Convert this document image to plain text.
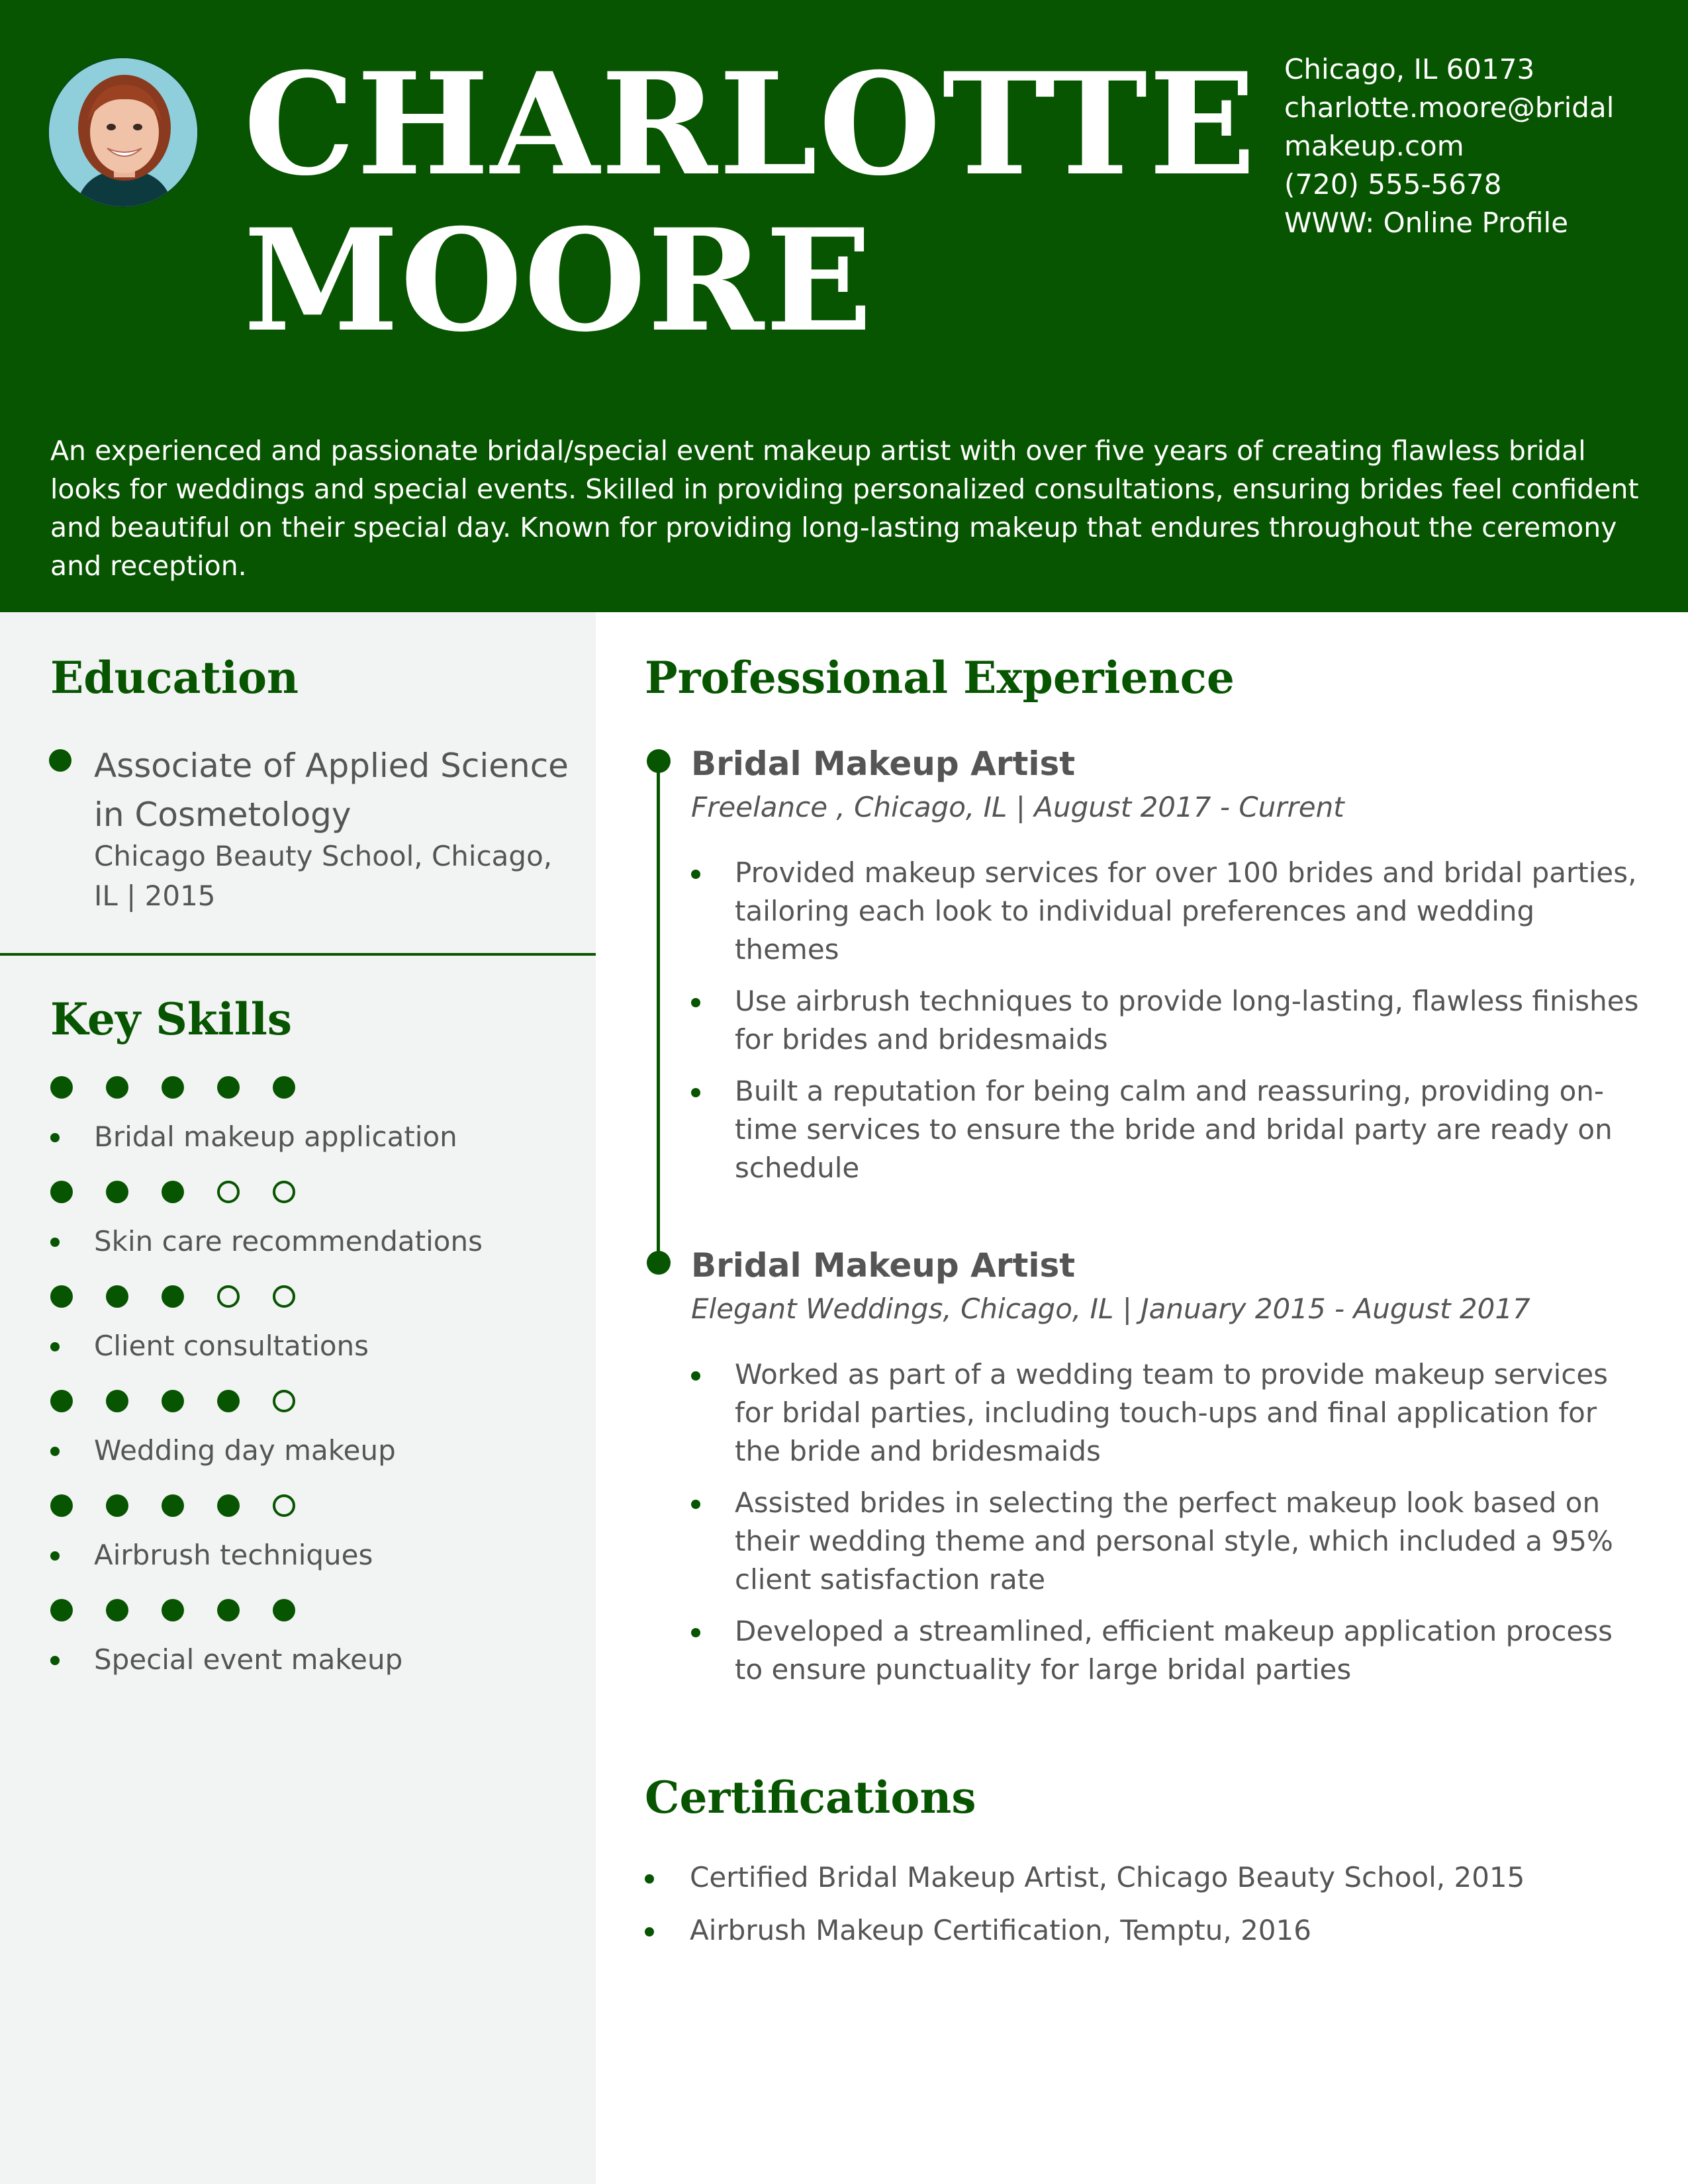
CHARLOTTE
MOORE
Chicago, IL 60173
charlotte.moore@bridal
makeup.com
(720) 555-5678
WWW: Online Profile

An experienced and passionate bridal/special event makeup artist with over five years of creating flawless bridal looks for weddings and special events. Skilled in providing personalized consultations, ensuring brides feel confident and beautiful on their special day. Known for providing long-lasting makeup that endures throughout the ceremony and reception.

Education
Associate of Applied Science in Cosmetology
Chicago Beauty School, Chicago, IL | 2015
Key Skills
Bridal makeup application
Skin care recommendations
Client consultations
Wedding day makeup
Airbrush techniques
Special event makeup
Professional Experience
Bridal Makeup Artist
Freelance , Chicago, IL | August 2017 - Current
Provided makeup services for over 100 brides and bridal parties, tailoring each look to individual preferences and wedding themes
Use airbrush techniques to provide long-lasting, flawless finishes for brides and bridesmaids
Built a reputation for being calm and reassuring, providing on-time services to ensure the bride and bridal party are ready on schedule
Bridal Makeup Artist
Elegant Weddings, Chicago, IL | January 2015 - August 2017
Worked as part of a wedding team to provide makeup services for bridal parties, including touch-ups and final application for the bride and bridesmaids
Assisted brides in selecting the perfect makeup look based on their wedding theme and personal style, which included a 95% client satisfaction rate
Developed a streamlined, efficient makeup application process to ensure punctuality for large bridal parties
Certifications
Certified Bridal Makeup Artist, Chicago Beauty School, 2015
Airbrush Makeup Certification, Temptu, 2016
